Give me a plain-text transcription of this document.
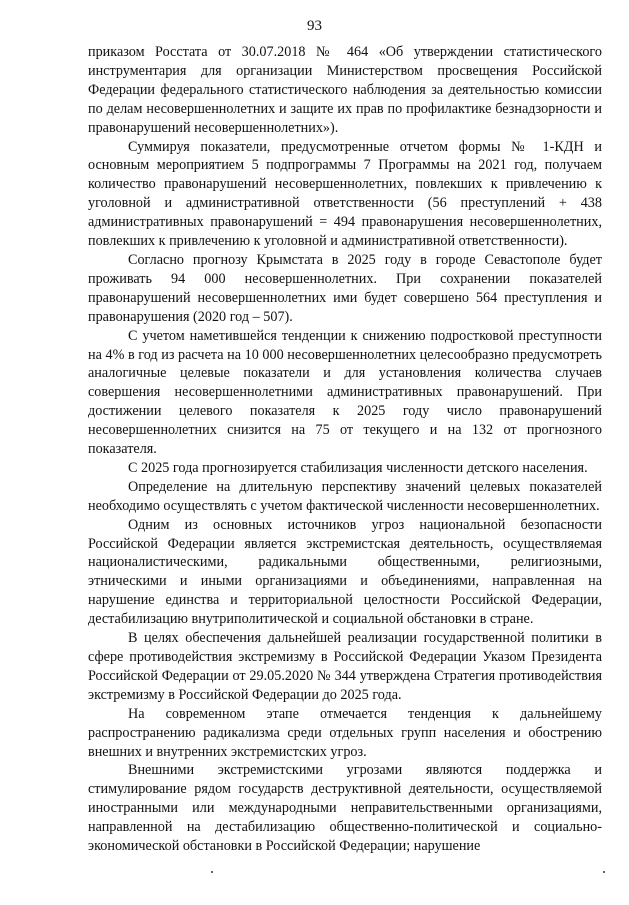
93

приказом Росстата от 30.07.2018 № 464 «Об утверждении статистического инструментария для организации Министерством просвещения Российской Федерации федерального статистического наблюдения за деятельностью комиссии по делам несовершеннолетних и защите их прав по профилактике безнадзорности и правонарушений несовершеннолетних»).

Суммируя показатели, предусмотренные отчетом формы № 1-КДН и основным мероприятием 5 подпрограммы 7 Программы на 2021 год, получаем количество правонарушений несовершеннолетних, повлекших к привлечению к уголовной и административной ответственности (56 преступлений + 438 административных правонарушений = 494 правонарушения несовершеннолетних, повлекших к привлечению к уголовной и административной ответственности).

Согласно прогнозу Крымстата в 2025 году в городе Севастополе будет проживать 94 000 несовершеннолетних. При сохранении показателей правонарушений несовершеннолетних ими будет совершено 564 преступления и правонарушения (2020 год – 507).

С учетом наметившейся тенденции к снижению подростковой преступности на 4% в год из расчета на 10 000 несовершеннолетних целесообразно предусмотреть аналогичные целевые показатели и для установления количества случаев совершения несовершеннолетними административных правонарушений. При достижении целевого показателя к 2025 году число правонарушений несовершеннолетних снизится на 75 от текущего и на 132 от прогнозного показателя.

С 2025 года прогнозируется стабилизация численности детского населения.

Определение на длительную перспективу значений целевых показателей необходимо осуществлять с учетом фактической численности несовершеннолетних.

Одним из основных источников угроз национальной безопасности Российской Федерации является экстремистская деятельность, осуществляемая националистическими, радикальными общественными, религиозными, этническими и иными организациями и объединениями, направленная на нарушение единства и территориальной целостности Российской Федерации, дестабилизацию внутриполитической и социальной обстановки в стране.

В целях обеспечения дальнейшей реализации государственной политики в сфере противодействия экстремизму в Российской Федерации Указом Президента Российской Федерации от 29.05.2020 № 344 утверждена Стратегия противодействия экстремизму в Российской Федерации до 2025 года.

На современном этапе отмечается тенденция к дальнейшему распространению радикализма среди отдельных групп населения и обострению внешних и внутренних экстремистских угроз.

Внешними экстремистскими угрозами являются поддержка и стимулирование рядом государств деструктивной деятельности, осуществляемой иностранными или международными неправительственными организациями, направленной на дестабилизацию общественно-политической и социально-экономической обстановки в Российской Федерации; нарушение
